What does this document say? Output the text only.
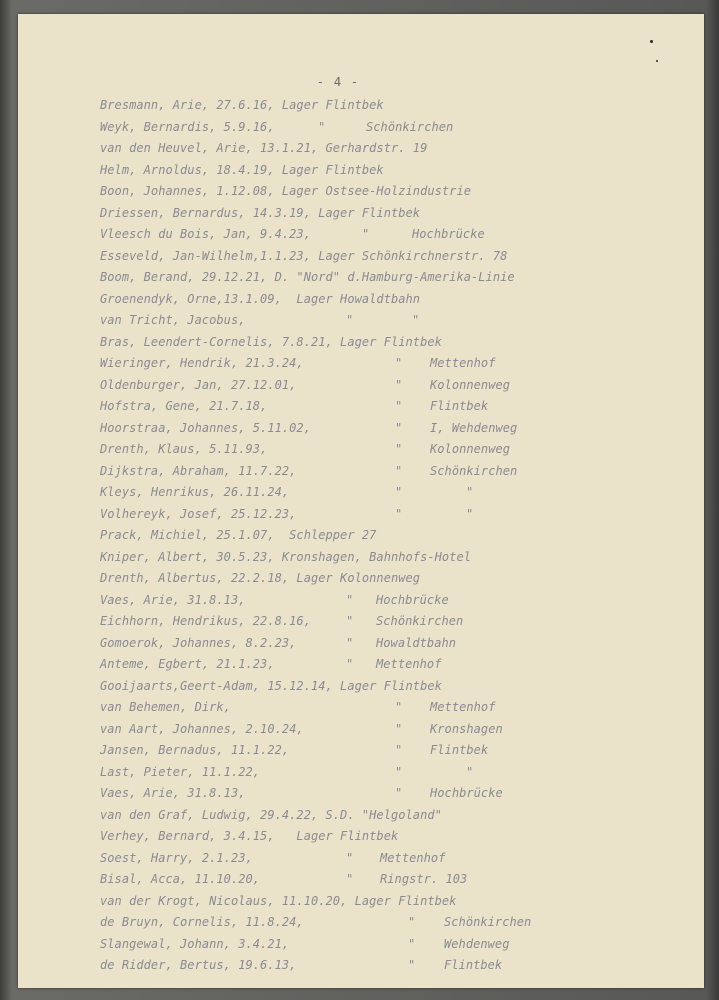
- 4 -
Bresmann, Arie, 27.6.16, Lager Flintbek
Weyk, Bernardis, 5.9.16,	"	Schönkirchen
van den Heuvel, Arie, 13.1.21, Gerhardstr. 19
Helm, Arnoldus, 18.4.19, Lager Flintbek
Boon, Johannes, 1.12.08, Lager Ostsee-Holzindustrie
Driessen, Bernardus, 14.3.19, Lager Flintbek
Vleesch du Bois, Jan, 9.4.23,	"	Hochbrücke
Esseveld, Jan-Wilhelm,1.1.23, Lager Schönkirchnerstr. 78
Boom, Berand, 29.12.21, D. "Nord" d.Hamburg-Amerika-Linie
Groenendyk, Orne,13.1.09,  Lager Howaldtbahn
van Tricht, Jacobus,	"	"
Bras, Leendert-Cornelis, 7.8.21, Lager Flintbek
Wieringer, Hendrik, 21.3.24,	" Mettenhof
Oldenburger, Jan, 27.12.01,	" Kolonnenweg
Hofstra, Gene, 21.7.18,	" Flintbek
Hoorstraa, Johannes, 5.11.02,	" I, Wehdenweg
Drenth, Klaus, 5.11.93,	" Kolonnenweg
Dijkstra, Abraham, 11.7.22,	" Schönkirchen
Kleys, Henrikus, 26.11.24,	"	"
Volhereyk, Josef, 25.12.23,	"	"
Prack, Michiel, 25.1.07,  Schlepper 27
Kniper, Albert, 30.5.23, Kronshagen, Bahnhofs-Hotel
Drenth, Albertus, 22.2.18, Lager Kolonnenweg
Vaes, Arie, 31.8.13,	" Hochbrücke
Eichhorn, Hendrikus, 22.8.16,	" Schönkirchen
Gomoerok, Johannes, 8.2.23,	" Howaldtbahn
Anteme, Egbert, 21.1.23,	" Mettenhof
Gooijaarts,Geert-Adam, 15.12.14, Lager Flintbek
van Behemen, Dirk,	" Mettenhof
van Aart, Johannes, 2.10.24,	" Kronshagen
Jansen, Bernadus, 11.1.22,	" Flintbek
Last, Pieter, 11.1.22,	"	"
Vaes, Arie, 31.8.13,	" Hochbrücke
van den Graf, Ludwig, 29.4.22, S.D. "Helgoland"
Verhey, Bernard, 3.4.15,   Lager Flintbek
Soest, Harry, 2.1.23,	" Mettenhof
Bisal, Acca, 11.10.20,	" Ringstr. 103
van der Krogt, Nicolaus, 11.10.20, Lager Flintbek
de Bruyn, Cornelis, 11.8.24,	" Schönkirchen
Slangewal, Johann, 3.4.21,	" Wehdenweg
de Ridder, Bertus, 19.6.13,	" Flintbek
